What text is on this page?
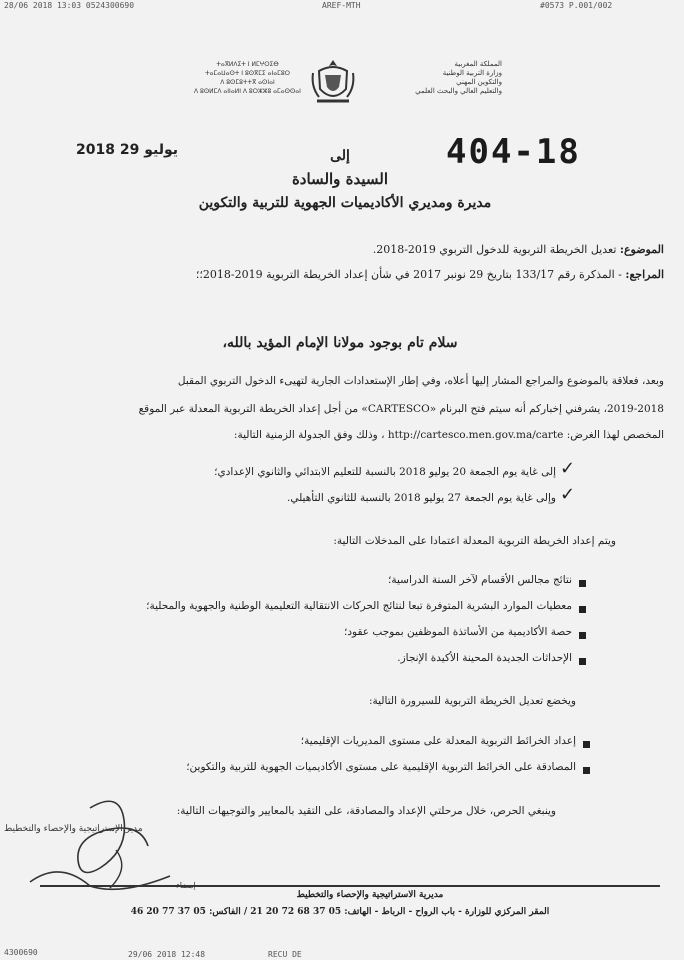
28/06 2018 13:03 0524300690	AREF-MTH	#0573 P.001/002
ⵜⴰⴳⵍⴷⵉⵜ ⵏ ⵍⵎⵖⵔⵉⴱ
ⵜⴰⵎⴰⵡⴰⵙⵜ ⵏ ⵓⵙⴳⵎⵉ ⴰⵏⴰⵎⵓⵔ
ⴷ ⵓⵙⵎⵓⵜⵜⴳ ⴰⵙⵏⴰⵏ
ⴷ ⵓⵙⵍⵎⴷ ⴰⵏⵏⴰⵍⵏ ⴷ ⵓⵔⵣⵣⵓ ⴰⵎⴰⵙⵙⴰⵏ
المملكة المغربية
وزارة التربية الوطنية
والتكوين المهني
والتعليم العالي والبحث العلمي
404-18
2018 يوليو 29	إلى
السيدة والسادة
مديرة ومديري الأكاديميات الجهوية للتربية والتكوين
الموضوع: تعديل الخريطة التربوية للدخول التربوي 2019-2018.
المراجع: - المذكرة رقم 133/17 بتاريخ 29 نونبر 2017 في شأن إعداد الخريطة التربوية 2019-2018؛؛
سلام تام بوجود مولانا الإمام المؤيد بالله،
وبعد، فعلاقة بالموضوع والمراجع المشار إليها أعلاه، وفي إطار الإستعدادات الجارية لتهيىء الدخول التربوي المقبل
2019-2018، يشرفني إخباركم أنه سيتم فتح البرنام «CARTESCO» من أجل إعداد الخريطة التربوية المعدلة عبر الموقع
المخصص لهذا الغرض: http://cartesco.men.gov.ma/carte ، وذلك وفق الجدولة الزمنية التالية:
✓
إلى غاية يوم الجمعة 20 يوليو 2018 بالنسبة للتعليم الابتدائي والثانوي الإعدادي؛
✓
وإلى غاية يوم الجمعة 27 يوليو 2018 بالنسبة للثانوي التأهيلي.
ويتم إعداد الخريطة التربوية المعدلة اعتمادا على المدخلات التالية:
نتائج مجالس الأقسام لآخر السنة الدراسية؛
معطيات الموارد البشرية المتوفرة تبعا لنتائج الحركات الانتقالية التعليمية الوطنية والجهوية والمحلية؛
حصة الأكاديمية من الأساتذة الموظفين بموجب عقود؛
الإحداثات الجديدة المحينة الأكيدة الإنجاز.
ويخضع تعديل الخريطة التربوية للسيرورة التالية:
إعداد الخرائط التربوية المعدلة على مستوى المديريات الإقليمية؛
المصادقة على الخرائط التربوية الإقليمية على مستوى الأكاديميات الجهوية للتربية والتكوين؛
وينبغي الحرص، خلال مرحلتي الإعداد والمصادقة، على التقيد بالمعايير والتوجيهات التالية:
مدير الإستراتيجية والإحصاء والتخطيط
إمضاء
مديرية الاستراتيجية والإحصاء والتخطيط
المقر المركزي للوزارة - باب الرواح - الرباط - الهاتف: 05 37 68 72 20 21 / الفاكس: 05 37 77 20 46
4300690	29/06 2018 12:48	RECU DE
